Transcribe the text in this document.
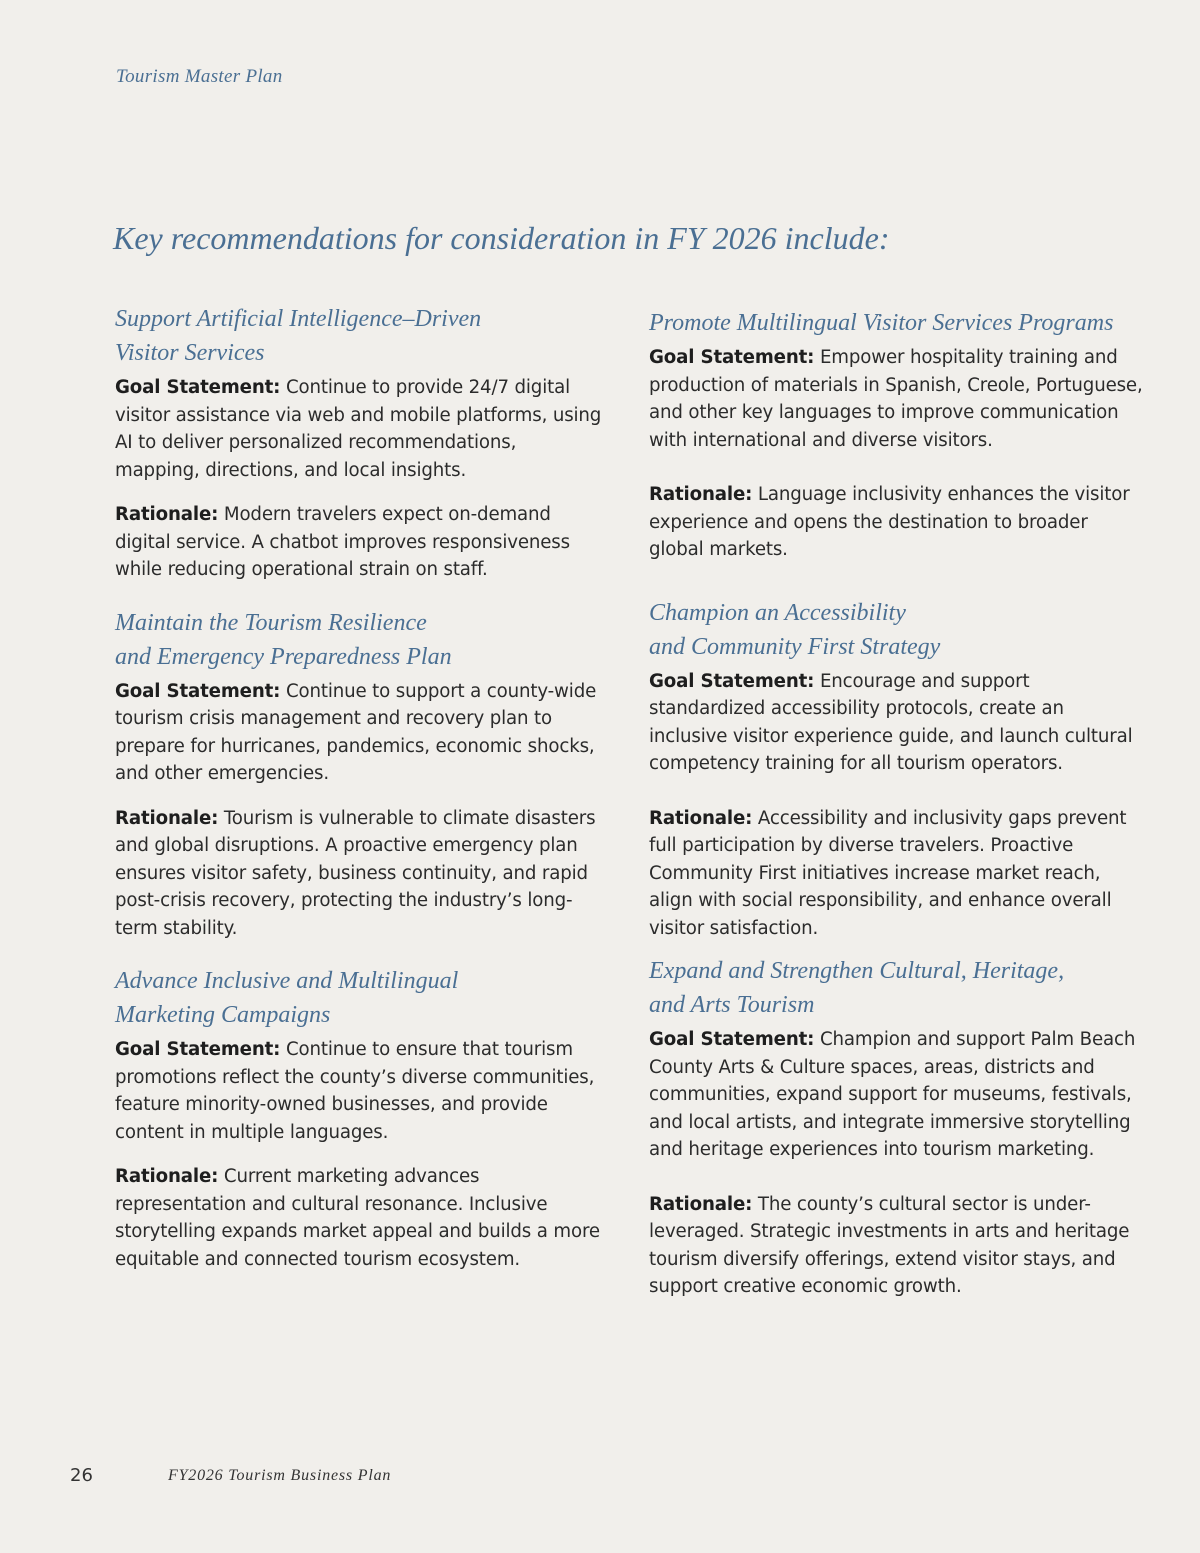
Tourism Master Plan
Key recommendations for consideration in FY 2026 include:
Support Artificial Intelligence–Driven
Visitor Services

Goal Statement: Continue to provide 24/7 digital visitor assistance via web and mobile platforms, using AI to deliver personalized recommendations, mapping, directions, and local insights.

Rationale: Modern travelers expect on-demand digital service. A chatbot improves responsiveness while reducing operational strain on staff.

Maintain the Tourism Resilience
and Emergency Preparedness Plan

Goal Statement: Continue to support a county-wide tourism crisis management and recovery plan to prepare for hurricanes, pandemics, economic shocks, and other emergencies.

Rationale: Tourism is vulnerable to climate disasters and global disruptions. A proactive emergency plan ensures visitor safety, business continuity, and rapid post-crisis recovery, protecting the industry’s long-term stability.

Advance Inclusive and Multilingual
Marketing Campaigns

Goal Statement: Continue to ensure that tourism promotions reflect the county’s diverse communities, feature minority-owned businesses, and provide content in multiple languages.

Rationale: Current marketing advances representation and cultural resonance. Inclusive storytelling expands market appeal and builds a more equitable and connected tourism ecosystem.

Promote Multilingual Visitor Services Programs

Goal Statement: Empower hospitality training and production of materials in Spanish, Creole, Portuguese, and other key languages to improve communication with international and diverse visitors.

Rationale: Language inclusivity enhances the visitor experience and opens the destination to broader global markets.

Champion an Accessibility
and Community First Strategy

Goal Statement: Encourage and support standardized accessibility protocols, create an inclusive visitor experience guide, and launch cultural competency training for all tourism operators.

Rationale: Accessibility and inclusivity gaps prevent full participation by diverse travelers. Proactive Community First initiatives increase market reach, align with social responsibility, and enhance overall visitor satisfaction.

Expand and Strengthen Cultural, Heritage,
and Arts Tourism

Goal Statement: Champion and support Palm Beach County Arts & Culture spaces, areas, districts and communities, expand support for museums, festivals, and local artists, and integrate immersive storytelling and heritage experiences into tourism marketing.

Rationale: The county’s cultural sector is under-leveraged. Strategic investments in arts and heritage tourism diversify offerings, extend visitor stays, and support creative economic growth.

26	FY2026 Tourism Business Plan
